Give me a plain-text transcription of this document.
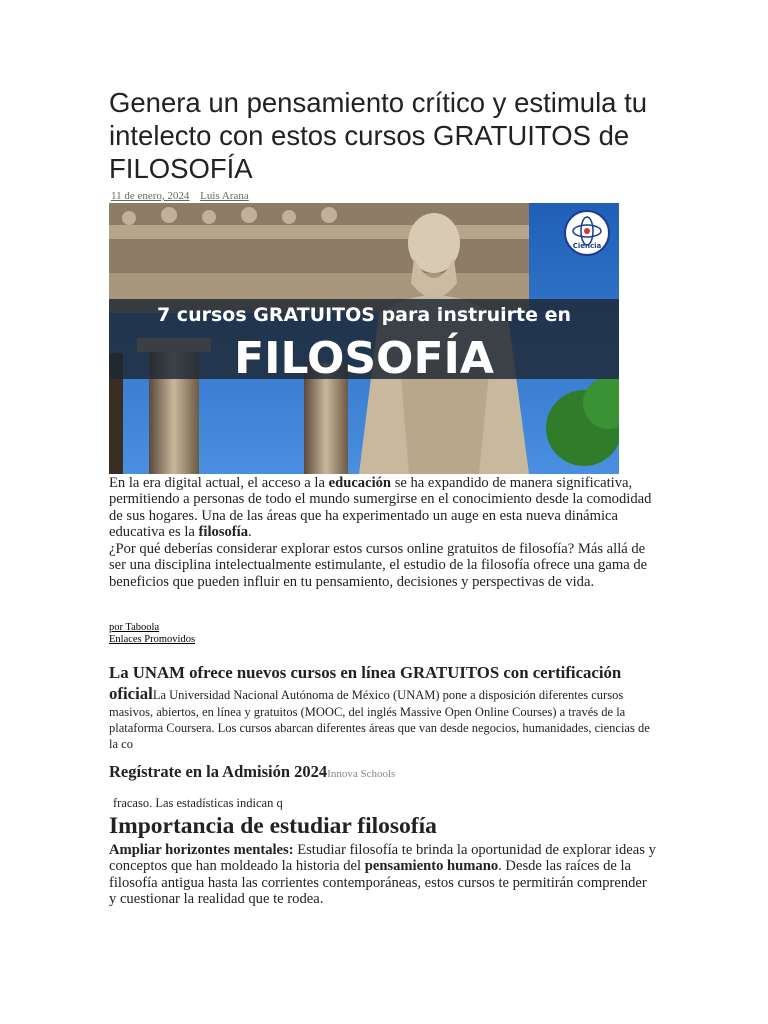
Genera un pensamiento crítico y estimula tu intelecto con estos cursos GRATUITOS de FILOSOFÍA
11 de enero, 2024 Luis Arana
Ciencia
7 cursos GRATUITOS para instruirte en
FILOSOFÍA

En la era digital actual, el acceso a la educación se ha expandido de manera significativa, permitiendo a personas de todo el mundo sumergirse en el conocimiento desde la comodidad de sus hogares. Una de las áreas que ha experimentado un auge en esta nueva dinámica educativa es la filosofía.

¿Por qué deberías considerar explorar estos cursos online gratuitos de filosofía? Más allá de ser una disciplina intelectualmente estimulante, el estudio de la filosofía ofrece una gama de beneficios que pueden influir en tu pensamiento, decisiones y perspectivas de vida.

por Taboola
Enlaces Promovidos
La UNAM ofrece nuevos cursos en línea GRATUITOS con certificación oficialLa Universidad Nacional Autónoma de México (UNAM) pone a disposición diferentes cursos masivos, abiertos, en línea y gratuitos (MOOC, del inglés Massive Open Online Courses) a través de la plataforma Coursera. Los cursos abarcan diferentes áreas que van desde negocios, humanidades, ciencias de la co
Regístrate en la Admisión 2024Innova Schools
fracaso. Las estadísticas indican q
Importancia de estudiar filosofía

Ampliar horizontes mentales: Estudiar filosofía te brinda la oportunidad de explorar ideas y conceptos que han moldeado la historia del pensamiento humano. Desde las raíces de la filosofía antigua hasta las corrientes contemporáneas, estos cursos te permitirán comprender y cuestionar la realidad que te rodea.
